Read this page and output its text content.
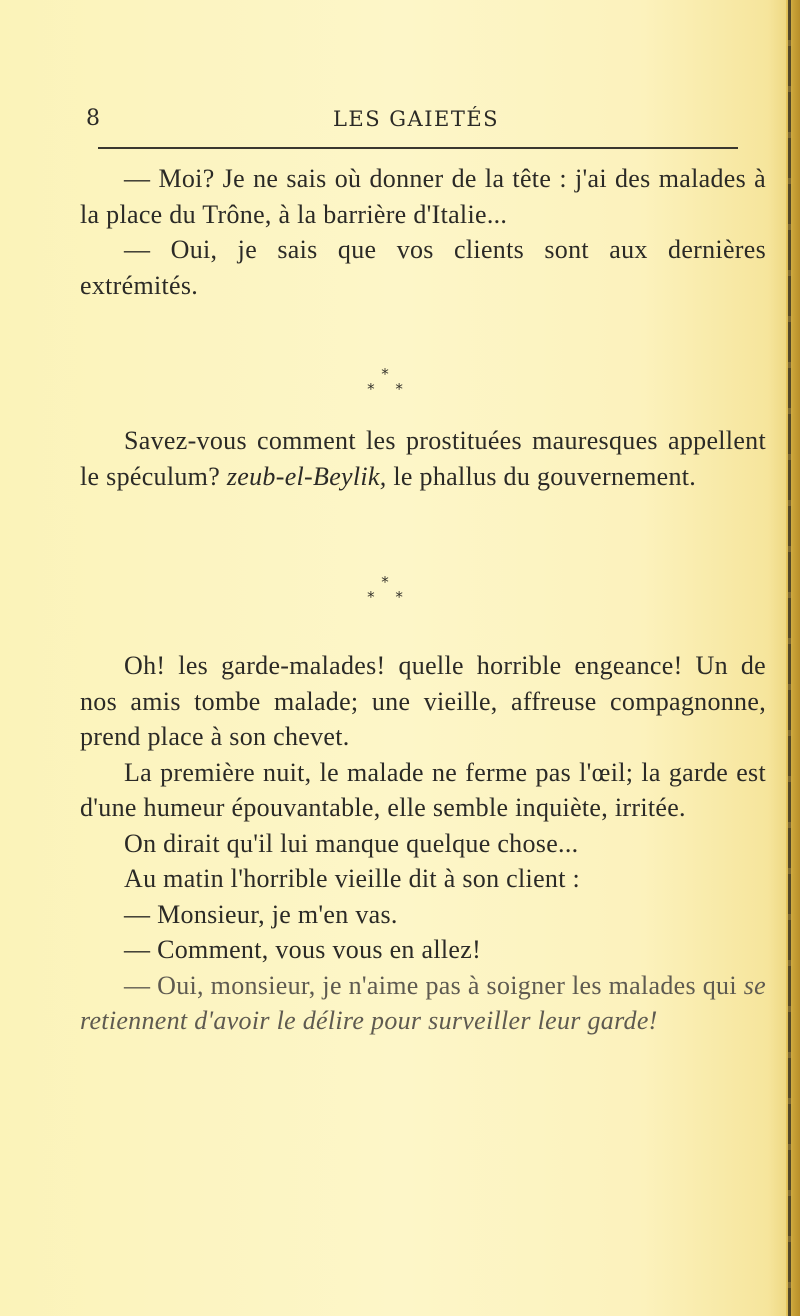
8	LES GAIETÉS

— Moi? Je ne sais où donner de la tête : j'ai des malades à la place du Trône, à la barrière d'Italie...

— Oui, je sais que vos clients sont aux dernières extrémités.

*
* *

Savez-vous comment les prostituées mauresques appellent le spéculum? zeub-el-Beylik, le phallus du gouvernement.

*
* *

Oh! les garde-malades! quelle horrible engeance! Un de nos amis tombe malade; une vieille, affreuse compagnonne, prend place à son chevet.

La première nuit, le malade ne ferme pas l'œil; la garde est d'une humeur épouvantable, elle semble inquiète, irritée.

On dirait qu'il lui manque quelque chose...

Au matin l'horrible vieille dit à son client :

— Monsieur, je m'en vas.

— Comment, vous vous en allez!

— Oui, monsieur, je n'aime pas à soigner les malades qui se retiennent d'avoir le délire pour surveiller leur garde!
